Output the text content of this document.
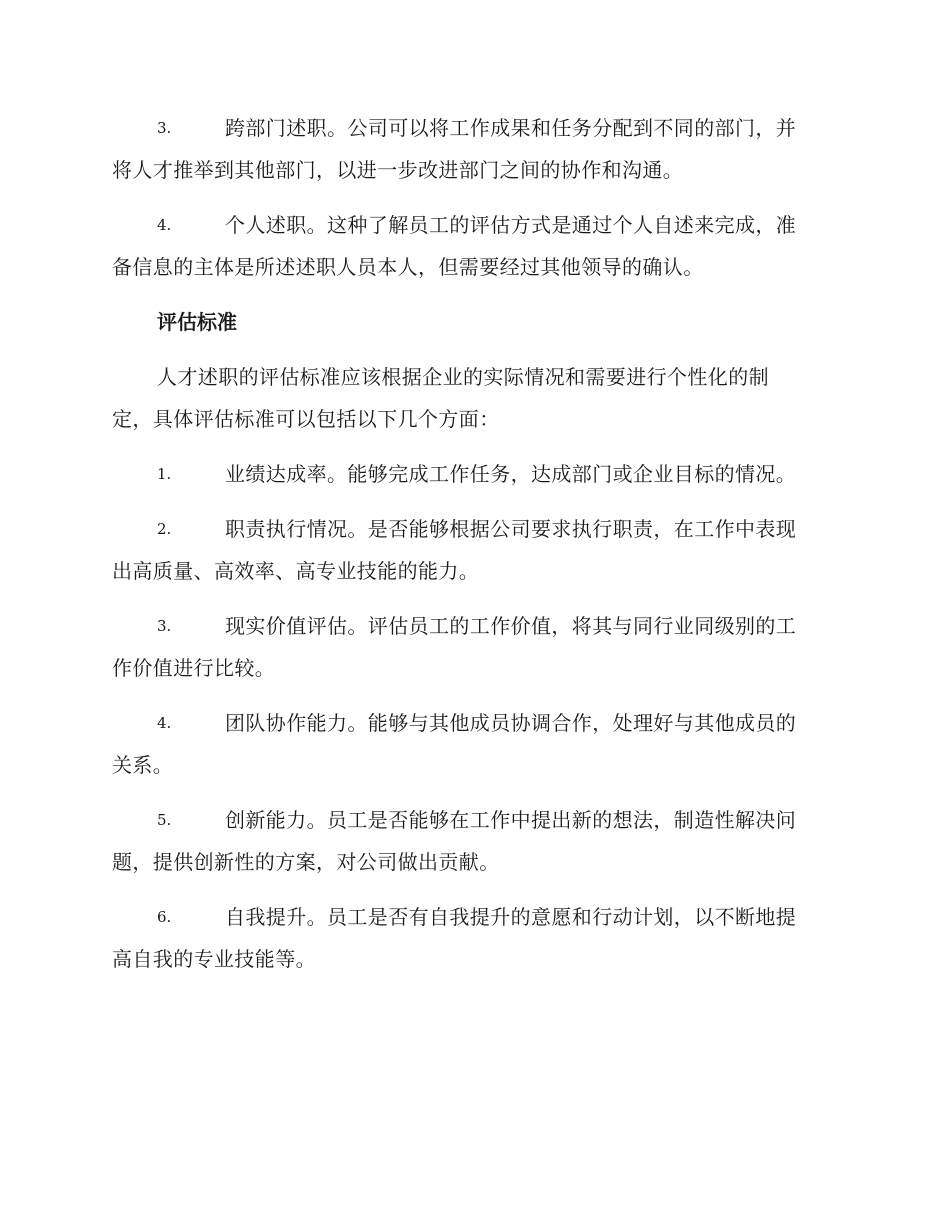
3.	跨部门述职。公司可以将工作成果和任务分配到不同的部门，并
将人才推举到其他部门，以进一步改进部门之间的协作和沟通。
4.	个人述职。这种了解员工的评估方式是通过个人自述来完成，准
备信息的主体是所述述职人员本人，但需要经过其他领导的确认。
评估标准
人才述职的评估标准应该根据企业的实际情况和需要进行个性化的制
定，具体评估标准可以包括以下几个方面：
1.	业绩达成率。能够完成工作任务，达成部门或企业目标的情况。
2.	职责执行情况。是否能够根据公司要求执行职责，在工作中表现
出高质量、高效率、高专业技能的能力。
3.	现实价值评估。评估员工的工作价值，将其与同行业同级别的工
作价值进行比较。
4.	团队协作能力。能够与其他成员协调合作，处理好与其他成员的
关系。
5.	创新能力。员工是否能够在工作中提出新的想法，制造性解决问
题，提供创新性的方案，对公司做出贡献。
6.	自我提升。员工是否有自我提升的意愿和行动计划，以不断地提
高自我的专业技能等。
